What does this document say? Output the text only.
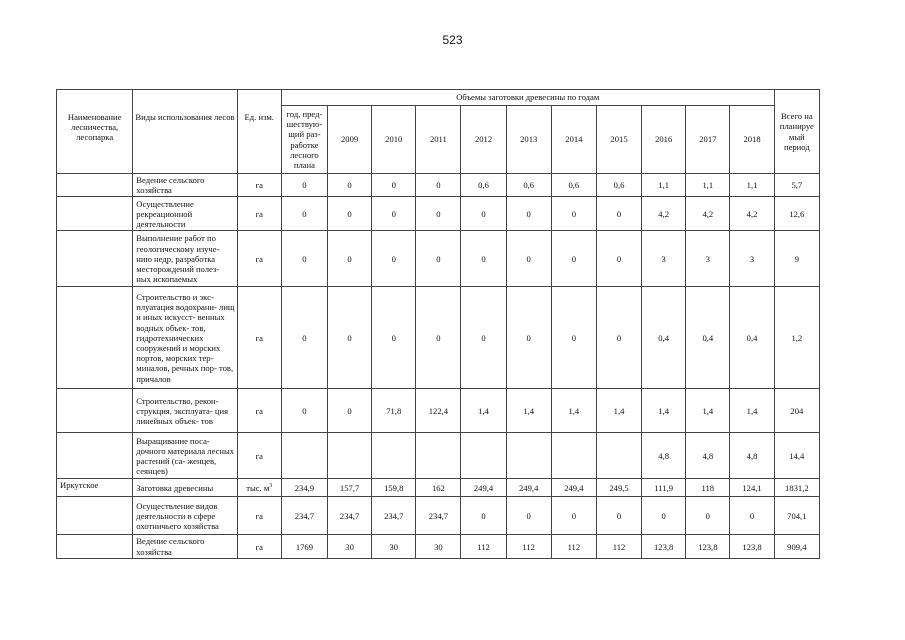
523
Наименование лесничества, лесопарка	Виды использования лесов	Ед. изм.	Объемы заготовки древесины по годам											Всего на планируе мый период
			год, пред- шествую- щий раз- работке лесного плана	2009	2010	2011	2012	2013	2014	2015	2016	2017	2018	
	Ведение сельского хозяйства	га	0	0	0	0	0,6	0,6	0,6	0,6	1,1	1,1	1,1	5,7
	Осуществление рекреационной деятельности	га	0	0	0	0	0	0	0	0	4,2	4,2	4,2	12,6
	Выполнение работ по геологическому изуче- нию недр, разработка месторождений полез- ных ископаемых	га	0	0	0	0	0	0	0	0	3	3	3	9
	Строительство и экс- плуатация водохрани- лищ и иных искусст- венных водных объек- тов, гидротехнических сооружений и морских портов, морских тер- миналов, речных пор- тов, причалов	га	0	0	0	0	0	0	0	0	0,4	0,4	0,4	1,2
	Строительство, рекон- струкция, эксплуата- ция линейных объек- тов	га	0	0	71,8	122,4	1,4	1,4	1,4	1,4	1,4	1,4	1,4	204
	Выращивание поса- дочного материала лесных растений (са- женцев, сеянцев)	га									4,8	4,8	4,8	14,4
Иркутское	Заготовка древесины	тыс. $м^3$	234,9	157,7	159,8	162	249,4	249,4	249,4	249,5	111,9	118	124,1	1831,2
	Осуществление видов деятельности в сфере охотничьего хозяйства	га	234,7	234,7	234,7	234,7	0	0	0	0	0	0	0	704,1
	Ведение сельского хозяйства	га	1769	30	30	30	112	112	112	112	123,8	123,8	123,8	909,4
